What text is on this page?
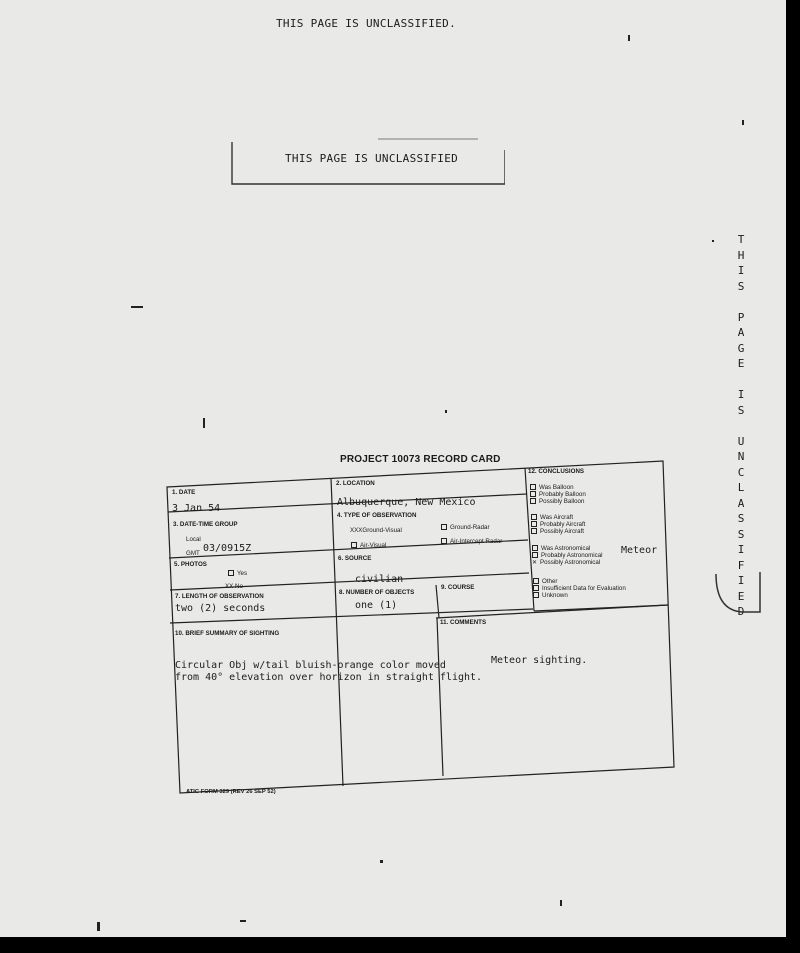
THIS PAGE IS UNCLASSIFIED.
THIS PAGE IS UNCLASSIFIED
T
H
I
S

P
A
G
E

I
S

U
N
C
L
A
S
S
I
F
I
E
D
PROJECT 10073 RECORD CARD
1. DATE
3 Jan 54
2. LOCATION
Albuquerque, New Mexico
3. DATE-TIME GROUP
Local
GMT 03/0915Z
4. TYPE OF OBSERVATION
XXXGround-Visual	Ground-Radar
Air-Visual
Air-Intercept Radar
5. PHOTOS
Yes
XX No
6. SOURCE
civilian
7. LENGTH OF OBSERVATION
two (2) seconds
8. NUMBER OF OBJECTS
one (1)
9. COURSE
10. BRIEF SUMMARY OF SIGHTING
Circular Obj w/tail bluish-orange color moved
from 40° elevation over horizon in straight flight.
11. COMMENTS
Meteor sighting.
12. CONCLUSIONS
Was Balloon
Probably Balloon
Possibly Balloon
Was Aircraft
Probably Aircraft
Possibly Aircraft
Was Astronomical
Probably Astronomical
✕ Possibly Astronomical
Other
Insufficient Data for Evaluation
Unknown
Meteor
ATIC FORM 329 (REV 26 SEP 52)
